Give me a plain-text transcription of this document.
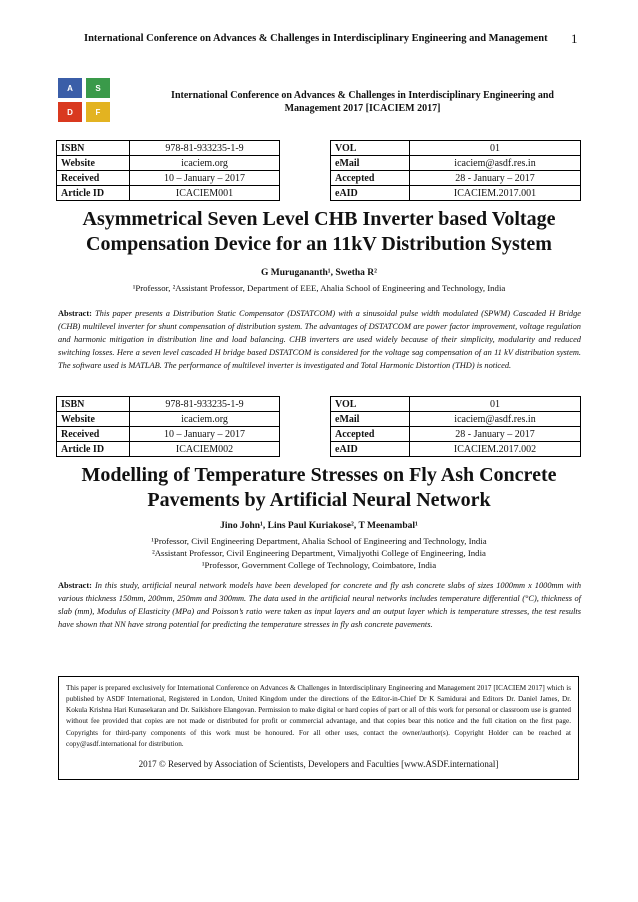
International Conference on Advances & Challenges in Interdisciplinary Engineering and Management 1
A	S
D	F
International Conference on Advances & Challenges in Interdisciplinary Engineering and
Management 2017 [ICACIEM 2017]
ISBN	978-81-933235-1-9
Website	icaciem.org
Received	10 – January – 2017
Article ID	ICACIEM001
VOL	01
eMail	icaciem@asdf.res.in
Accepted	28 - January – 2017
eAID	ICACIEM.2017.001
Asymmetrical Seven Level CHB Inverter based Voltage
Compensation Device for an 11kV Distribution System
G Murugananth¹, Swetha R²
¹Professor, ²Assistant Professor, Department of EEE, Ahalia School of Engineering and Technology, India
Abstract: This paper presents a Distribution Static Compensator (DSTATCOM) with a sinusoidal pulse width modulated (SPWM) Cascaded H Bridge (CHB) multilevel inverter for shunt compensation of distribution system. The advantages of DSTATCOM are power factor improvement, voltage regulation and harmonic mitigation in distribution line and load balancing. CHB inverters are used widely because of their simplicity, modularity and reduced switching losses. Here a seven level cascaded H bridge based DSTATCOM is considered for the voltage sag compensation of an 11 kV distribution system. The software used is MATLAB. The performance of multilevel inverter is investigated and Total Harmonic Distortion (THD) is noticed.
ISBN	978-81-933235-1-9
Website	icaciem.org
Received	10 – January – 2017
Article ID	ICACIEM002
VOL	01
eMail	icaciem@asdf.res.in
Accepted	28 - January – 2017
eAID	ICACIEM.2017.002
Modelling of Temperature Stresses on Fly Ash Concrete
Pavements by Artificial Neural Network
Jino John¹, Lins Paul Kuriakose², T Meenambal¹
¹Professor, Civil Engineering Department, Ahalia School of Engineering and Technology, India
²Assistant Professor, Civil Engineering Department, Vimaljyothi College of Engineering, India
¹Professor, Government College of Technology, Coimbatore, India
Abstract: In this study, artificial neural network models have been developed for concrete and fly ash concrete slabs of sizes 1000mm x 1000mm with various thickness 150mm, 200mm, 250mm and 300mm. The data used in the artificial neural networks includes temperature differential (°C), thickness of slab (mm), Modulus of Elasticity (MPa) and Poisson’s ratio were taken as input layers and an output layer which is temperature stresses, the test results have shown that NN have strong potential for predicting the temperature stresses in fly ash concrete pavements.
This paper is prepared exclusively for International Conference on Advances & Challenges in Interdisciplinary Engineering and Management 2017 [ICACIEM 2017] which is published by ASDF International, Registered in London, United Kingdom under the directions of the Editor-in-Chief Dr K Samidurai and Editors Dr. Daniel James, Dr. Kokula Krishna Hari Kunasekaran and Dr. Saikishore Elangovan. Permission to make digital or hard copies of part or all of this work for personal or classroom use is granted without fee provided that copies are not made or distributed for profit or commercial advantage, and that copies bear this notice and the full citation on the first page. Copyrights for third-party components of this work must be honoured. For all other uses, contact the owner/author(s). Copyright Holder can be reached at copy@asdf.international for distribution.
2017 © Reserved by Association of Scientists, Developers and Faculties [www.ASDF.international]
